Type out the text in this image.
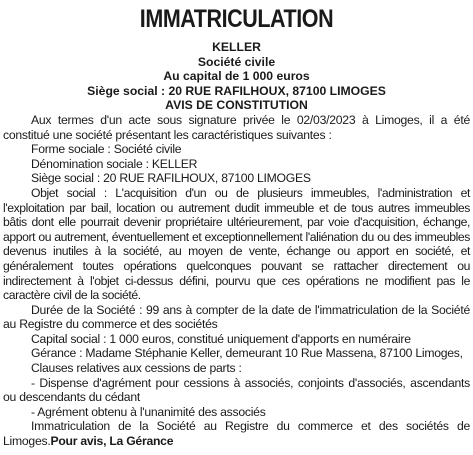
IMMATRICULATION
KELLER
Société civile
Au capital de 1 000 euros
Siège social : 20 RUE RAFILHOUX, 87100 LIMOGES
AVIS DE CONSTITUTION

Aux termes d'un acte sous signature privée le 02/03/2023 à Limoges, il a été constitué une société présentant les caractéristiques suivantes :

Forme sociale : Société civile

Dénomination sociale : KELLER

Siège social : 20 RUE RAFILHOUX, 87100 LIMOGES

Objet social : L'acquisition d'un ou de plusieurs immeubles, l'administration et l'exploitation par bail, location ou autrement dudit immeuble et de tous autres immeubles bâtis dont elle pourrait devenir propriétaire ultérieurement, par voie d'acquisition, échange, apport ou autrement, éventuellement et exceptionnellement l'aliénation du ou des immeubles devenus inutiles à la société, au moyen de vente, échange ou apport en société, et généralement toutes opérations quelconques pouvant se rattacher directement ou indirectement à l'objet ci-dessus défini, pourvu que ces opérations ne modifient pas le caractère civil de la société.

Durée de la Société : 99 ans à compter de la date de l'immatriculation de la Société au Registre du commerce et des sociétés

Capital social : 1 000 euros, constitué uniquement d'apports en numéraire

Gérance : Madame Stéphanie Keller, demeurant 10 Rue Massena, 87100 Limoges,

Clauses relatives aux cessions de parts :

- Dispense d'agrément pour cessions à associés, conjoints d'associés, ascendants ou descendants du cédant

- Agrément obtenu à l'unanimité des associés

Immatriculation de la Société au Registre du commerce et des sociétés de Limoges.Pour avis, La Gérance
